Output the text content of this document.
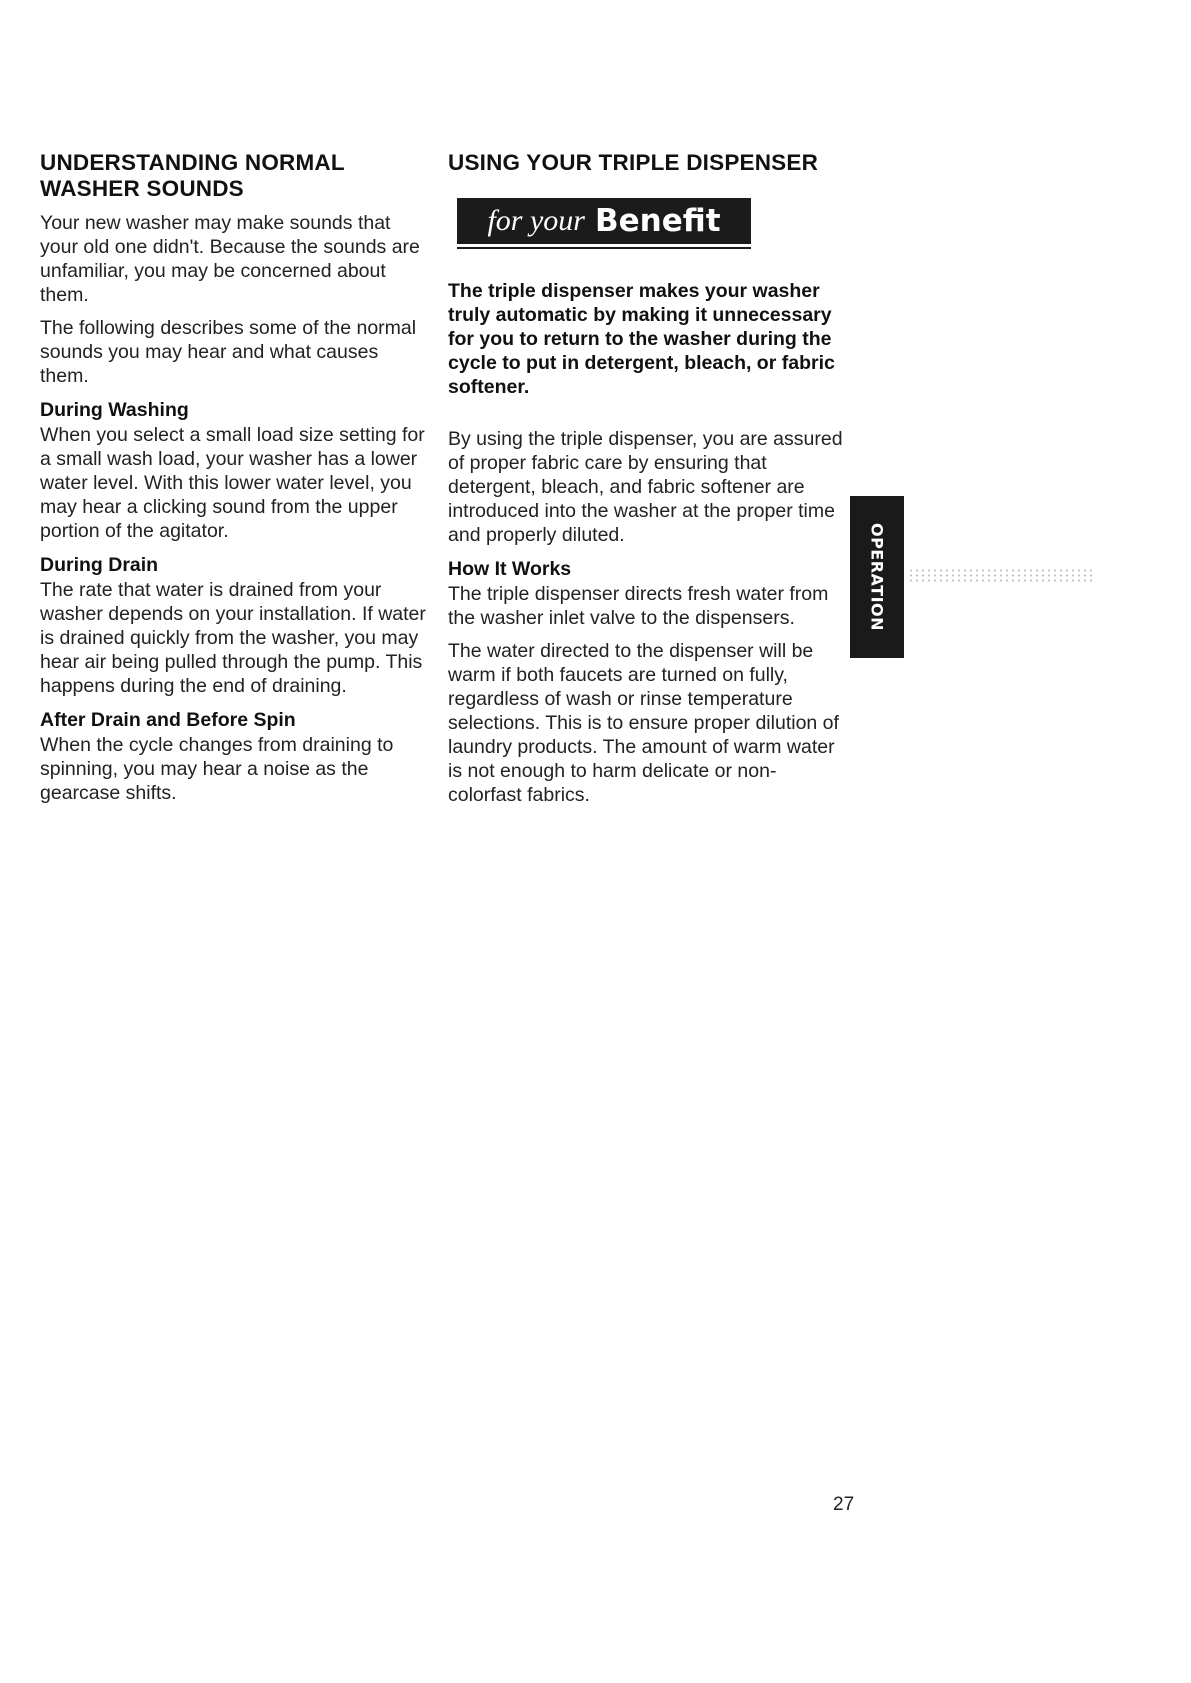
UNDERSTANDING NORMAL WASHER SOUNDS

Your new washer may make sounds that your old one didn't. Because the sounds are unfamiliar, you may be concerned about them.

The following describes some of the normal sounds you may hear and what causes them.

During Washing

When you select a small load size setting for a small wash load, your washer has a lower water level. With this lower water level, you may hear a clicking sound from the upper portion of the agitator.

During Drain

The rate that water is drained from your washer depends on your installation. If water is drained quickly from the washer, you may hear air being pulled through the pump. This happens during the end of draining.

After Drain and Before Spin

When the cycle changes from draining to spinning, you may hear a noise as the gearcase shifts.

USING YOUR TRIPLE DISPENSER
for your Benefit

The triple dispenser makes your washer truly automatic by making it unnecessary for you to return to the washer during the cycle to put in detergent, bleach, or fabric softener.

By using the triple dispenser, you are assured of proper fabric care by ensuring that detergent, bleach, and fabric softener are introduced into the washer at the proper time and properly diluted.

How It Works

The triple dispenser directs fresh water from the washer inlet valve to the dispensers.

The water directed to the dispenser will be warm if both faucets are turned on fully, regardless of wash or rinse temperature selections. This is to ensure proper dilution of laundry products. The amount of warm water is not enough to harm delicate or non-colorfast fabrics.

OPERATION
27
